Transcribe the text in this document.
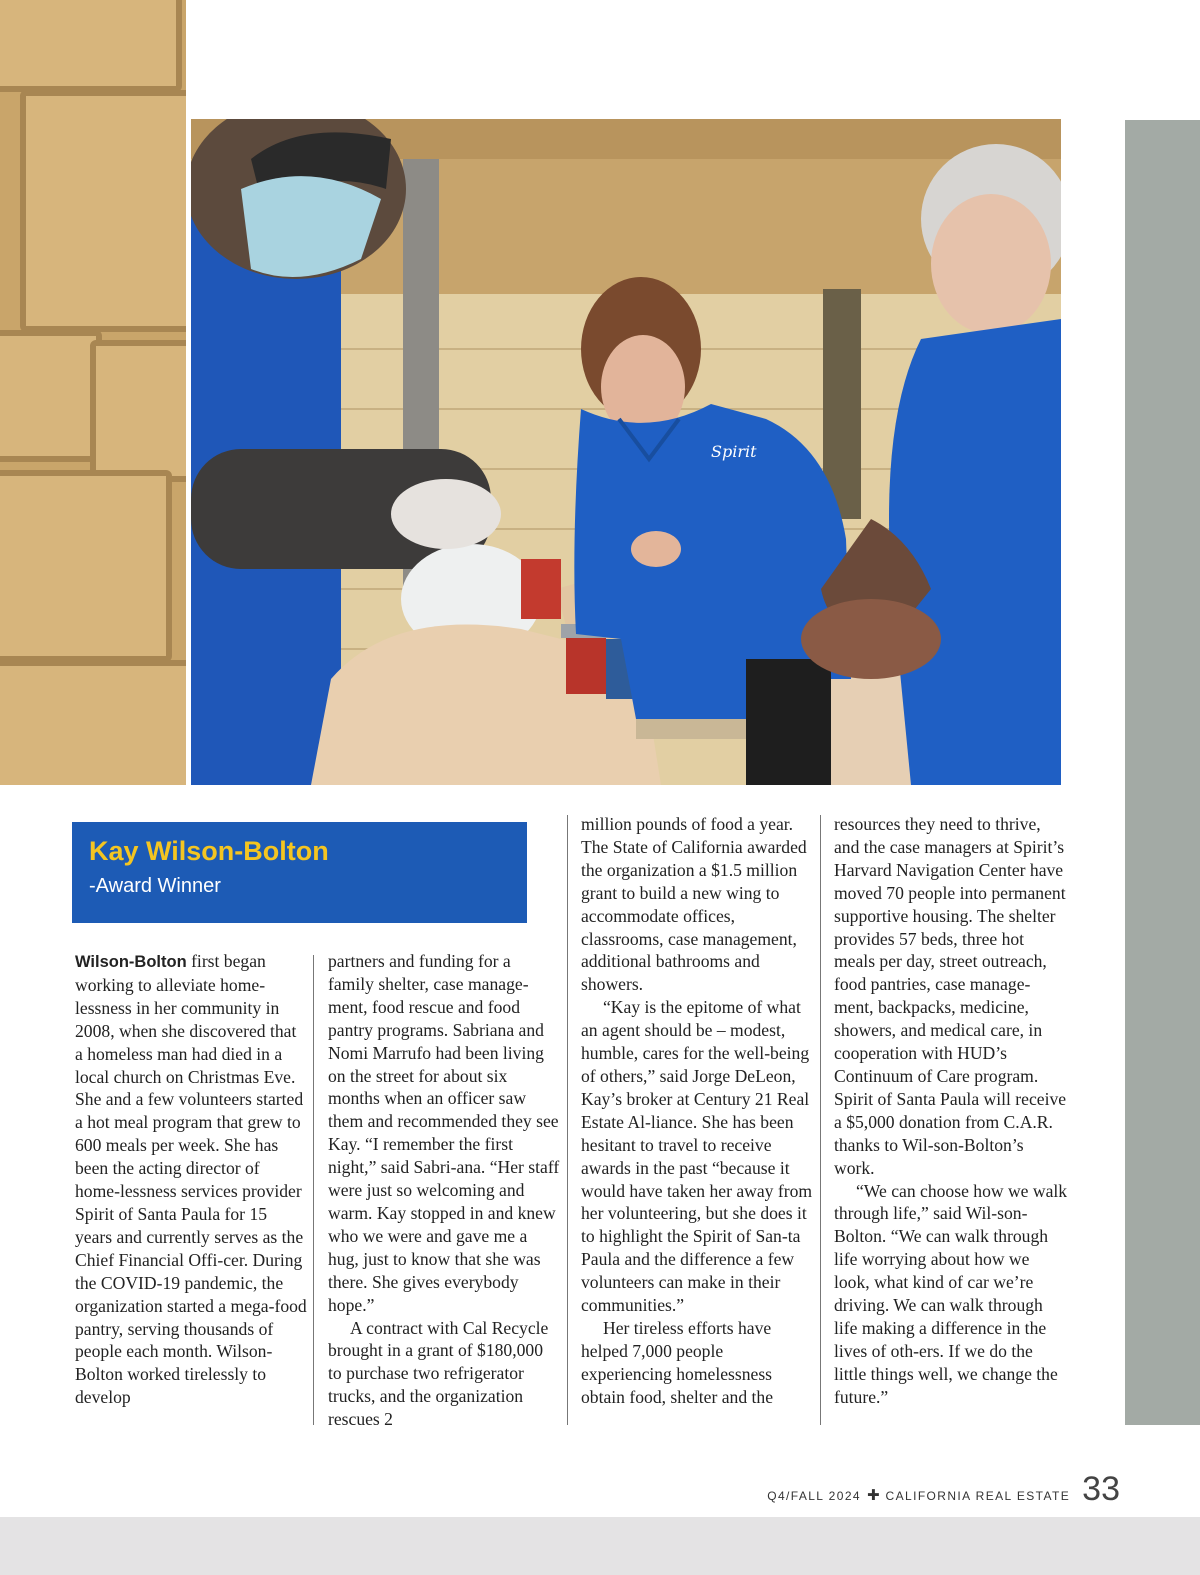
Spirit
Kay Wilson-Bolton
-Award Winner

Wilson-Bolton first began working to alleviate home-lessness in her community in 2008, when she discovered that a homeless man had died in a local church on Christmas Eve. She and a few volunteers started a hot meal program that grew to 600 meals per week. She has been the acting director of home-lessness services provider Spirit of Santa Paula for 15 years and currently serves as the Chief Financial Offi-cer. During the COVID-19 pandemic, the organization started a mega-food pantry, serving thousands of people each month. Wilson-Bolton worked tirelessly to develop

partners and funding for a family shelter, case manage-ment, food rescue and food pantry programs. Sabriana and Nomi Marrufo had been living on the street for about six months when an officer saw them and recommended they see Kay. “I remember the first night,” said Sabri-ana. “Her staff were just so welcoming and warm. Kay stopped in and knew who we were and gave me a hug, just to know that she was there. She gives everybody hope.”

A contract with Cal Recycle brought in a grant of $180,000 to purchase two refrigerator trucks, and the organization rescues 2

million pounds of food a year. The State of California awarded the organization a $1.5 million grant to build a new wing to accommodate offices, classrooms, case management, additional bathrooms and showers.

“Kay is the epitome of what an agent should be – modest, humble, cares for the well-being of others,” said Jorge DeLeon, Kay’s broker at Century 21 Real Estate Al-liance. She has been hesitant to travel to receive awards in the past “because it would have taken her away from her volunteering, but she does it to highlight the Spirit of San-ta Paula and the difference a few volunteers can make in their communities.”

Her tireless efforts have helped 7,000 people experiencing homelessness obtain food, shelter and the

resources they need to thrive, and the case managers at Spirit’s Harvard Navigation Center have moved 70 people into permanent supportive housing. The shelter provides 57 beds, three hot meals per day, street outreach, food pantries, case manage-ment, backpacks, medicine, showers, and medical care, in cooperation with HUD’s Continuum of Care program. Spirit of Santa Paula will receive a $5,000 donation from C.A.R. thanks to Wil-son-Bolton’s work.

“We can choose how we walk through life,” said Wil-son-Bolton. “We can walk through life worrying about how we look, what kind of car we’re driving. We can walk through life making a difference in the lives of oth-ers. If we do the little things well, we change the future.”

Q4/FALL 2024 ✚ CALIFORNIA REAL ESTATE 33
